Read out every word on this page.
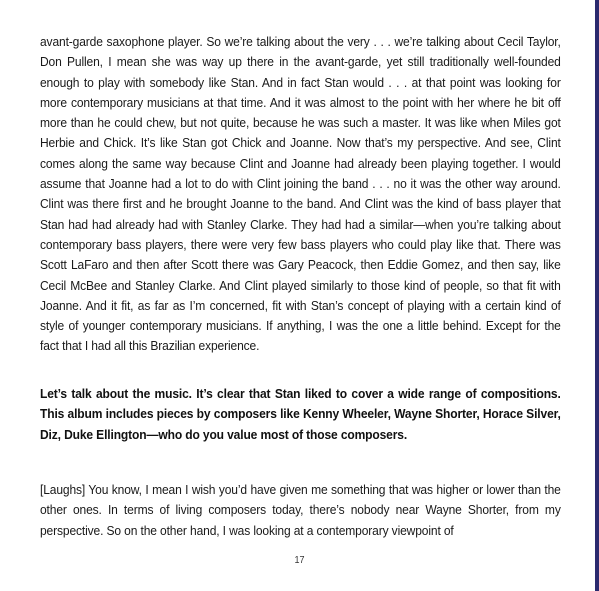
avant-garde saxophone player. So we’re talking about the very . . . we’re talking about Cecil Taylor, Don Pullen, I mean she was way up there in the avant-garde, yet still traditionally well-founded enough to play with somebody like Stan. And in fact Stan would . . . at that point was looking for more contemporary musicians at that time. And it was almost to the point with her where he bit off more than he could chew, but not quite, because he was such a master. It was like when Miles got Herbie and Chick. It’s like Stan got Chick and Joanne. Now that’s my perspective. And see, Clint comes along the same way because Clint and Joanne had already been playing together. I would assume that Joanne had a lot to do with Clint joining the band . . . no it was the other way around. Clint was there first and he brought Joanne to the band. And Clint was the kind of bass player that Stan had had already had with Stanley Clarke. They had had a similar—when you’re talking about contemporary bass players, there were very few bass players who could play like that. There was Scott LaFaro and then after Scott there was Gary Peacock, then Eddie Gomez, and then say, like Cecil McBee and Stanley Clarke. And Clint played similarly to those kind of people, so that fit with Joanne. And it fit, as far as I’m concerned, fit with Stan’s concept of playing with a certain kind of style of younger contemporary musicians. If anything, I was the one a little behind. Except for the fact that I had all this Brazilian experience.

Let’s talk about the music. It’s clear that Stan liked to cover a wide range of compositions. This album includes pieces by composers like Kenny Wheeler, Wayne Shorter, Horace Silver, Diz, Duke Ellington—who do you value most of those composers.

[Laughs] You know, I mean I wish you’d have given me something that was higher or lower than the other ones. In terms of living composers today, there’s nobody near Wayne Shorter, from my perspective. So on the other hand, I was looking at a contemporary viewpoint of

17
